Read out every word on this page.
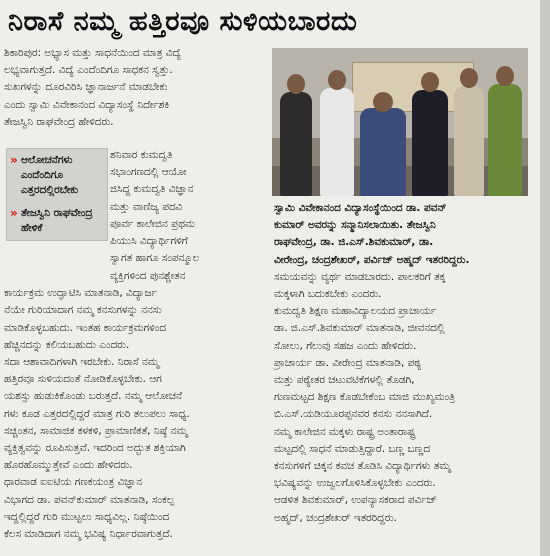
ನಿರಾಸೆ ನಮ್ಮ ಹತ್ತಿರವೂ ಸುಳಿಯಬಾರದು

ಶಿಕಾರಿಪುರ: ಅಭ್ಯಾಸ ಮತ್ತು ಸಾಧನೆಯಿಂದ ಮಾತ್ರ ವಿದ್ಯೆ

ಲಭ್ಯವಾಗುತ್ತದೆ. ವಿದ್ಯೆ ಎಂದೆಂದಿಗೂ ಸಾಧಕನ ಸ್ವತ್ತು.

ಸುಖಗಳನ್ನು ದೂರವಿರಿಸಿ ಜ್ಞಾನಾರ್ಜನೆ ಮಾಡಬೇಕು

ಎಂದು ಸ್ವಾಮಿ ವಿವೇಕಾನಂದ ವಿದ್ಯಾಸಂಸ್ಥೆ ನಿರ್ದೇಶಕಿ

ತೇಜಸ್ವಿನಿ ರಾಘವೇಂದ್ರ ಹೇಳಿದರು.

» ಆಲೋಚನೆಗಳು ಎಂದೆಂದಿಗೂ ಎತ್ತರದಲ್ಲಿರಬೇಕು
» ತೇಜಸ್ವಿನಿ ರಾಘವೇಂದ್ರ ಹೇಳಿಕೆ

ಶನಿವಾರ ಕುಮದ್ವತಿ

ಸಭಾಂಗಣದಲ್ಲಿ ಆಯೋ

ಜಿಸಿದ್ದ ಕುಮದ್ವತಿ ವಿಜ್ಞಾನ

ಮತ್ತು ವಾಣಿಜ್ಯ ಪದವಿ

ಪೂರ್ವ ಕಾಲೇಜಿನ ಪ್ರಥಮ

ಪಿಯುಸಿ ವಿದ್ಯಾರ್ಥಿಗಳಿಗೆ

ಸ್ವಾಗತ ಹಾಗೂ ಸಂಪನ್ಮೂಲ

ವ್ಯಕ್ತಿಗಳಿಂದ ಪುನಶ್ಚೇತನ

ಕಾರ್ಯಕ್ರಮ ಉದ್ಘಾಟಿಸಿ ಮಾತನಾಡಿ, ವಿದ್ಯಾರ್ಜ

ನೆಯೇ ಗುರಿಯಾದಾಗ ನಮ್ಮ ಕನಸುಗಳನ್ನು ನನಸು

ಮಾಡಿಕೊಳ್ಳಬಹುದು. ಇಂತಹ ಕಾರ್ಯಕ್ರಮಗಳಿಂದ

ಹೆಚ್ಚಿನದನ್ನು ಕಲಿಯಬಹುದು ಎಂದರು.

ಸದಾ ಆಶಾವಾದಿಗಳಾಗಿ ಇರಬೇಕು. ನಿರಾಸೆ ನಮ್ಮ

ಹತ್ತಿರವೂ ಸುಳಿಯದಂತೆ ನೋಡಿಕೊಳ್ಳಬೇಕು. ಆಗ

ಯಶಸ್ಸು ಹುಡುಕಿಕೊಂಡು ಬರುತ್ತದೆ. ನಮ್ಮ ಆಲೋಚನೆ

ಗಳು ಕೂಡ ಎತ್ತರದಲ್ಲಿದ್ದರೆ ಮಾತ್ರ ಗುರಿ ತಲುಪಲು ಸಾಧ್ಯ.

ಸಚ್ಚಿಂತನ, ಸಾಮಾಜಿಕ ಕಳಕಳಿ, ಪ್ರಾಮಾಣಿಕತೆ, ನಿಷ್ಠೆ ನಮ್ಮ

ವ್ಯಕ್ತಿತ್ವವನ್ನು ರೂಪಿಸುತ್ತವೆ. ಇದರಿಂದ ಅದ್ಭುತ ಶಕ್ತಿಯಾಗಿ

ಹೊರಹೊಮ್ಮುತ್ತೇವೆ ಎಂದು ಹೇಳಿದರು.

ಧಾರವಾಡ ಐಐಟಿಯ ಗಣಕಯಂತ್ರ ವಿಜ್ಞಾನ

ವಿಭಾಗದ ಡಾ. ಪವನ್‌ಕುಮಾರ್ ಮಾತನಾಡಿ, ಸಂಕಲ್ಪ

ಇದ್ದಲ್ಲಿದ್ದರೆ ಗುರಿ ಮುಟ್ಟಲು ಸಾಧ್ಯವಿಲ್ಲ. ನಿಷ್ಠೆಯಿಂದ

ಕೆಲಸ ಮಾಡಿದಾಗ ನಮ್ಮ ಭವಿಷ್ಯ ನಿರ್ಧಾರವಾಗುತ್ತದೆ.

ಸ್ವಾಮಿ ವಿವೇಕಾನಂದ ವಿದ್ಯಾಸಂಸ್ಥೆಯಿಂದ ಡಾ. ಪವನ್

ಕುಮಾರ್ ಅವರನ್ನು ಸನ್ಮಾನಿಸಲಾಯಿತು. ತೇಜಸ್ವಿನಿ

ರಾಘವೇಂದ್ರ, ಡಾ. ಜಿ.ಎಸ್.ಶಿವಕುಮಾರ್, ಡಾ.

ವೀರೇಂದ್ರ, ಚಂದ್ರಶೇಖರ್, ಪರ್ವಿಜ್ ಅಹ್ಮದ್ ಇತರರಿದ್ದರು.

ಸಮಯವನ್ನು ವ್ಯರ್ಥ ಮಾಡಬಾರದು. ಪಾಲಕರಿಗೆ ತಕ್ಕ

ಮಕ್ಕಳಾಗಿ ಬದುಕಬೇಕು ಎಂದರು.

ಕುಮದ್ವತಿ ಶಿಕ್ಷಣ ಮಹಾವಿದ್ಯಾಲಯದ ಪ್ರಾಚಾರ್ಯ

ಡಾ. ಜಿ.ಎಸ್.ಶಿವಕುಮಾರ್ ಮಾತನಾಡಿ, ಜೀವನದಲ್ಲಿ

ಸೋಲು, ಗೆಲುವು ಸಹಜ ಎಂದು ಹೇಳಿದರು.

ಪ್ರಾಚಾರ್ಯ ಡಾ. ವೀರೇಂದ್ರ ಮಾತನಾಡಿ, ಪಠ್ಯ

ಮತ್ತು ಪಠ್ಯೇತರ ಚಟುವಟಿಕೆಗಳಲ್ಲಿ ತೊಡಗಿ,

ಗುಣಮಟ್ಟದ ಶಿಕ್ಷಣ ಕೊಡಬೇಕೆಂಬ ಮಾಜಿ ಮುಖ್ಯಮಂತ್ರಿ

ಬಿ.ಎಸ್.ಯಡಿಯೂರಪ್ಪನವರ ಕನಸು ನನಸಾಗಿದೆ.

ನಮ್ಮ ಕಾಲೇಜಿನ ಮಕ್ಕಳು ರಾಷ್ಟ್ರ ಅಂತಾರಾಷ್ಟ್ರ

ಮಟ್ಟದಲ್ಲಿ ಸಾಧನೆ ಮಾಡುತ್ತಿದ್ದಾರೆ. ಬಣ್ಣ ಬಣ್ಣದ

ಕನಸುಗಳಿಗೆ ಚಿಕ್ಕನ ಕವಚ ತೊಡಿಸಿ ವಿದ್ಯಾರ್ಥಿಗಳು ತಮ್ಮ

ಭವಿಷ್ಯವನ್ನು ಉಜ್ವಲಗೊಳಿಸಿಕೊಳ್ಳಬೇಕು ಎಂದರು.

ಆಡಳಿತ ಶಿವಕುಮಾರ್, ಉಪನ್ಯಾಸಕರಾದ ಪರ್ವಿಜ್

ಅಹ್ಮದ್, ಚಂದ್ರಶೇಖರ್ ಇತರರಿದ್ದರು.
